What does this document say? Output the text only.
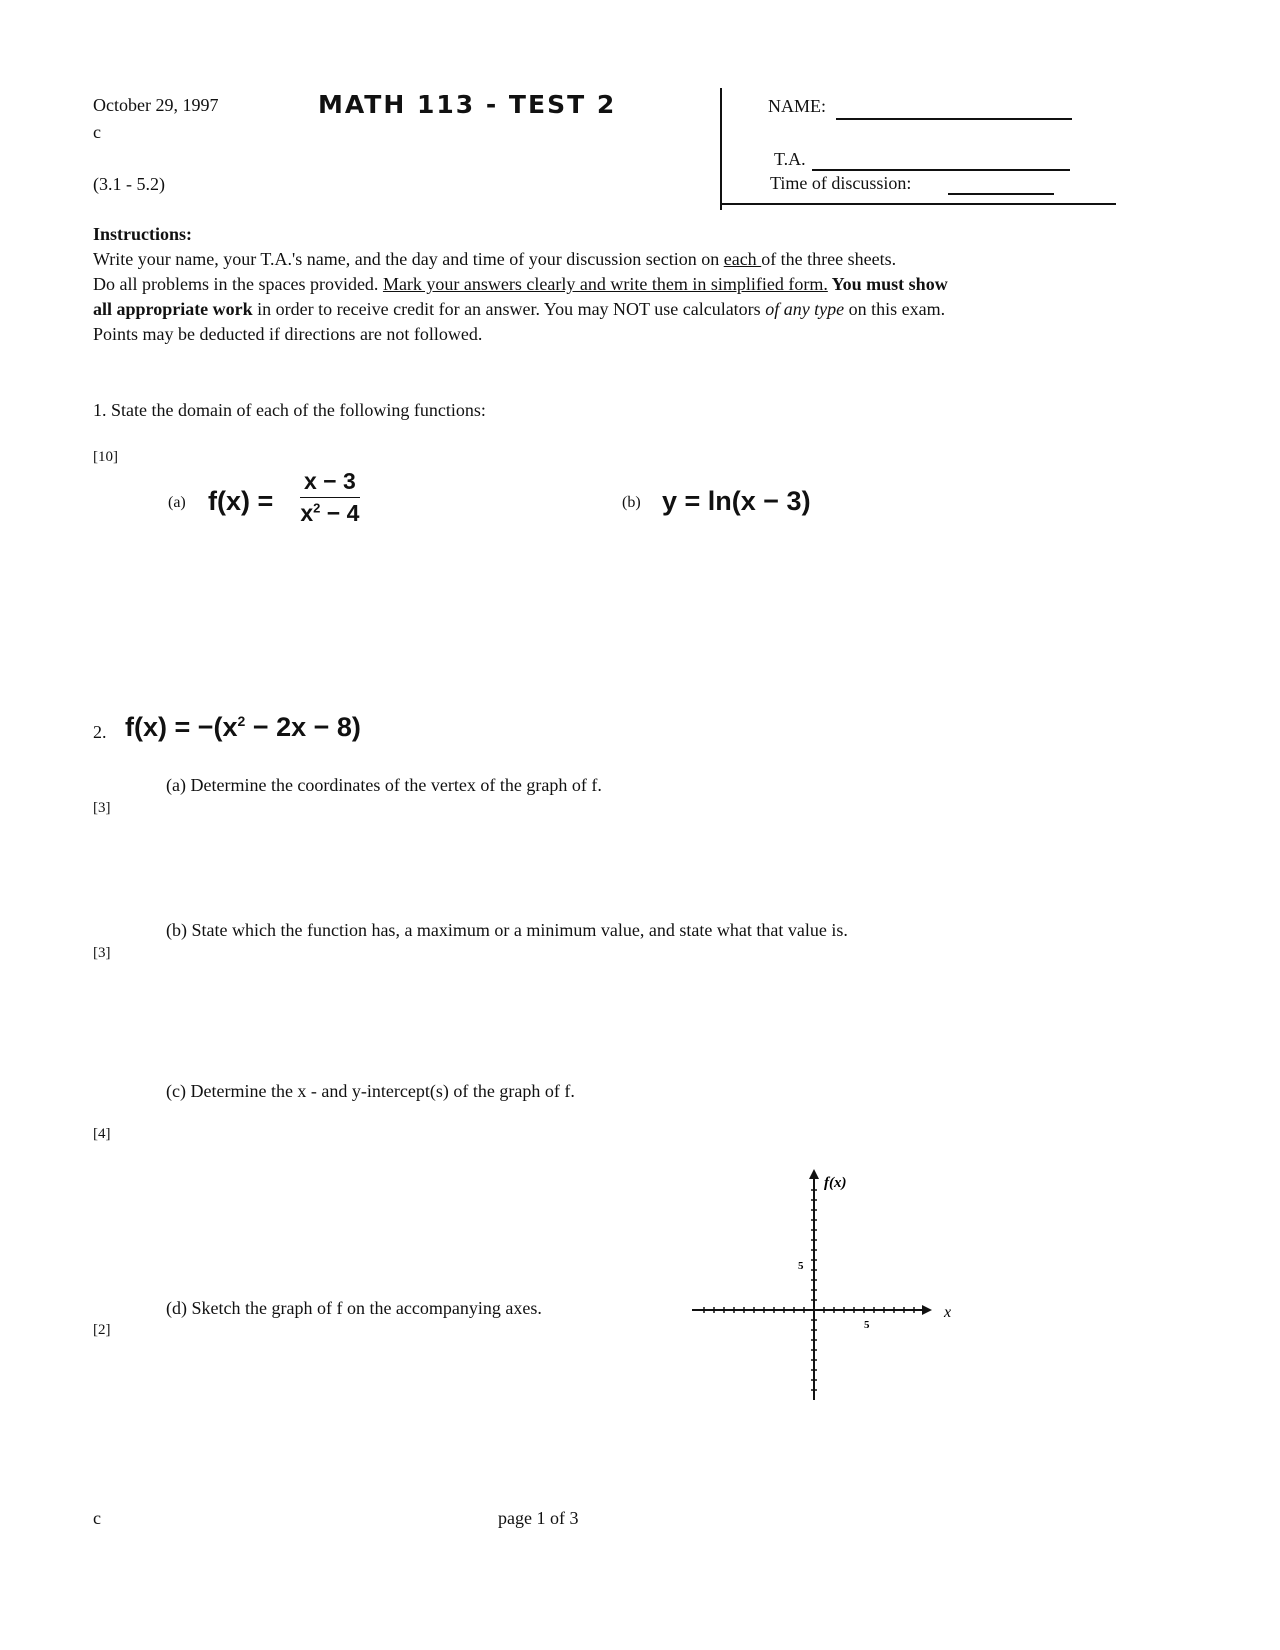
October 29, 1997
c
MATH 113 - TEST 2
(3.1 - 5.2)
NAME:
T.A.
Time of discussion:
Instructions:
Write your name, your T.A.'s name, and the day and time of your discussion section on each of the three sheets.
Do all problems in the spaces provided. Mark your answers clearly and write them in simplified form. You must show
all appropriate work in order to receive credit for an answer. You may NOT use calculators of any type on this exam.
Points may be deducted if directions are not followed.
1. State the domain of each of the following functions:
[10]
(a) $f(x) = \frac{x - 3}{x^2 - 4}$	(b) y = ln(x − 3)
2. $f(x) = -(x^2 - 2x - 8)$
(a) Determine the coordinates of the vertex of the graph of f.
[3]
(b) State which the function has, a maximum or a minimum value, and state what that value is.
[3]
(c) Determine the x - and y-intercept(s) of the graph of f.
[4]
(d) Sketch the graph of f on the accompanying axes.
[2]
f(x)
x
5
5
c	page 1 of 3
